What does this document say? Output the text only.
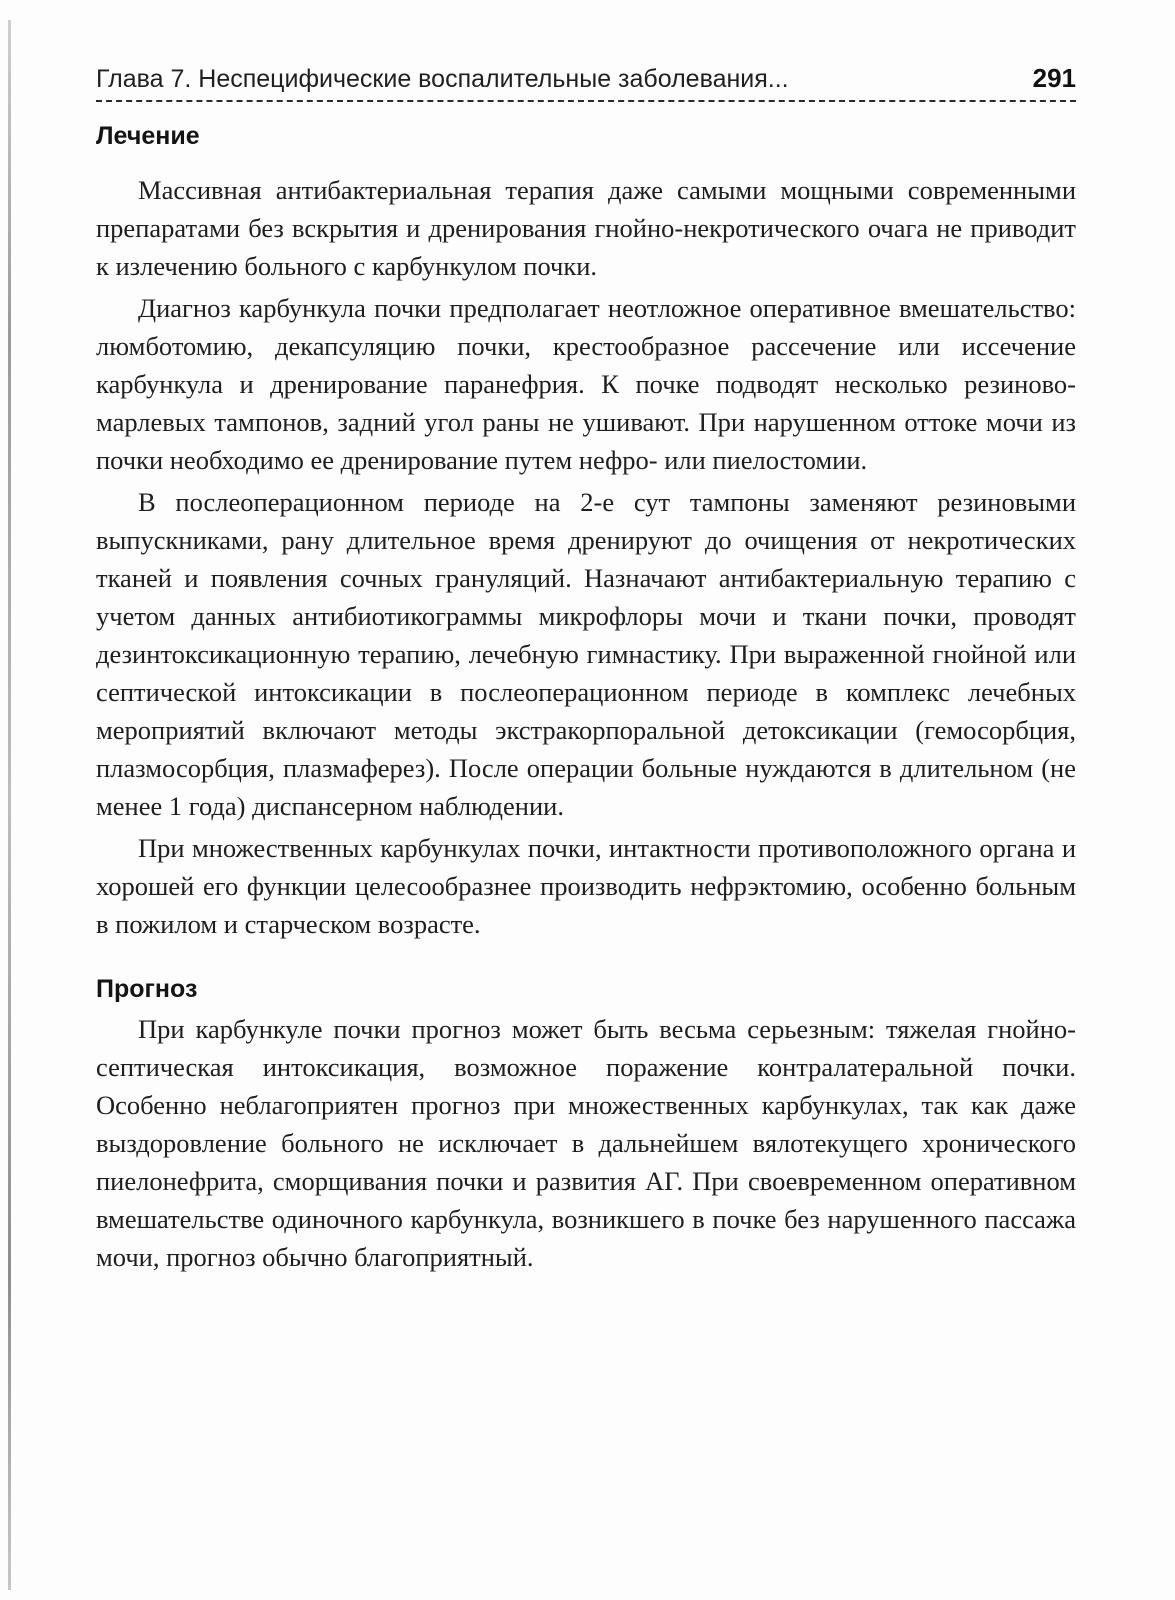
Глава 7. Неспецифические воспалительные заболевания...	291
Лечение

Массивная антибактериальная терапия даже самыми мощными современными препаратами без вскрытия и дренирования гнойно-некротического очага не приводит к излечению больного с карбункулом почки.

Диагноз карбункула почки предполагает неотложное оперативное вмешательство: люмботомию, декапсуляцию почки, крестообразное рассечение или иссечение карбункула и дренирование паранефрия. К почке подводят несколько резиново-марлевых тампонов, задний угол раны не ушивают. При нарушенном оттоке мочи из почки необходимо ее дренирование путем нефро- или пиелостомии.

В послеоперационном периоде на 2-е сут тампоны заменяют резиновыми выпускниками, рану длительное время дренируют до очищения от некротических тканей и появления сочных грануляций. Назначают антибактериальную терапию с учетом данных антибиотикограммы микрофлоры мочи и ткани почки, проводят дезинтоксикационную терапию, лечебную гимнастику. При выраженной гнойной или септической интоксикации в послеоперационном периоде в комплекс лечебных мероприятий включают методы экстракорпоральной детоксикации (гемосорбция, плазмосорбция, плазмаферез). После операции больные нуждаются в длительном (не менее 1 года) диспансерном наблюдении.

При множественных карбункулах почки, интактности противоположного органа и хорошей его функции целесообразнее производить нефрэктомию, особенно больным в пожилом и старческом возрасте.

Прогноз

При карбункуле почки прогноз может быть весьма серьезным: тяжелая гнойно-септическая интоксикация, возможное поражение контралатеральной почки. Особенно неблагоприятен прогноз при множественных карбункулах, так как даже выздоровление больного не исключает в дальнейшем вялотекущего хронического пиелонефрита, сморщивания почки и развития АГ. При своевременном оперативном вмешательстве одиночного карбункула, возникшего в почке без нарушенного пассажа мочи, прогноз обычно благоприятный.
